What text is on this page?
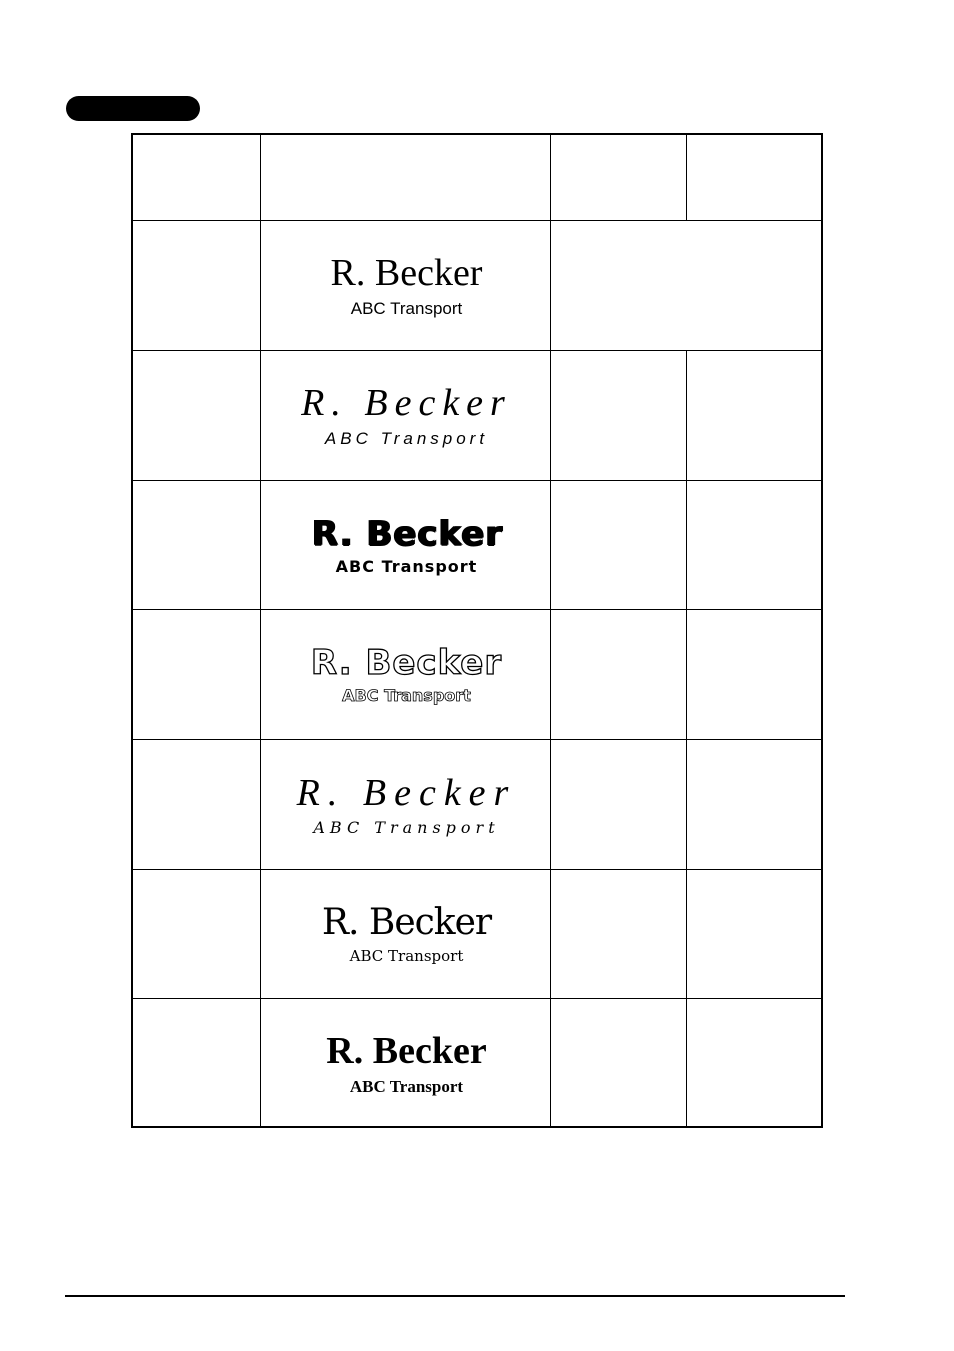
R. Becker
ABC Transport
R. Becker
ABC Transport
R. Becker
ABC Transport
R. Becker
ABC Transport
R. Becker
ABC Transport
R. Becker
ABC Transport
R. Becker
ABC Transport
